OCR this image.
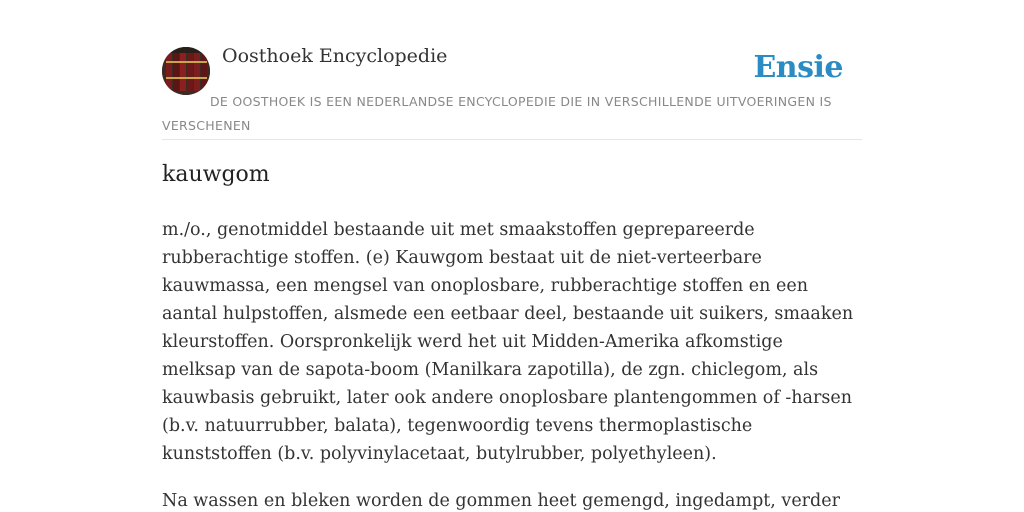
Oosthoek Encyclopedie	Ensie
DE OOSTHOEK IS EEN NEDERLANDSE ENCYCLOPEDIE DIE IN VERSCHILLENDE UITVOERINGEN IS VERSCHENEN
kauwgom

m./o., genotmiddel bestaande uit met smaakstoffen geprepareerde rubberachtige stoffen. (e) Kauwgom bestaat uit de niet-verteerbare kauwmassa, een mengsel van onoplosbare, rubberachtige stoffen en een aantal hulpstoffen, alsmede een eetbaar deel, bestaande uit suikers, smaaken kleurstoffen. Oorspronkelijk werd het uit Midden-Amerika afkomstige melksap van de sapota-boom (Manilkara zapotilla), de zgn. chiclegom, als kauwbasis gebruikt, later ook andere onoplosbare plantengommen of -harsen (b.v. natuurrubber, balata), tegenwoordig tevens thermoplastische kunststoffen (b.v. polyvinylacetaat, butylrubber, polyethyleen).

Na wassen en bleken worden de gommen heet gemengd, ingedampt, verder
